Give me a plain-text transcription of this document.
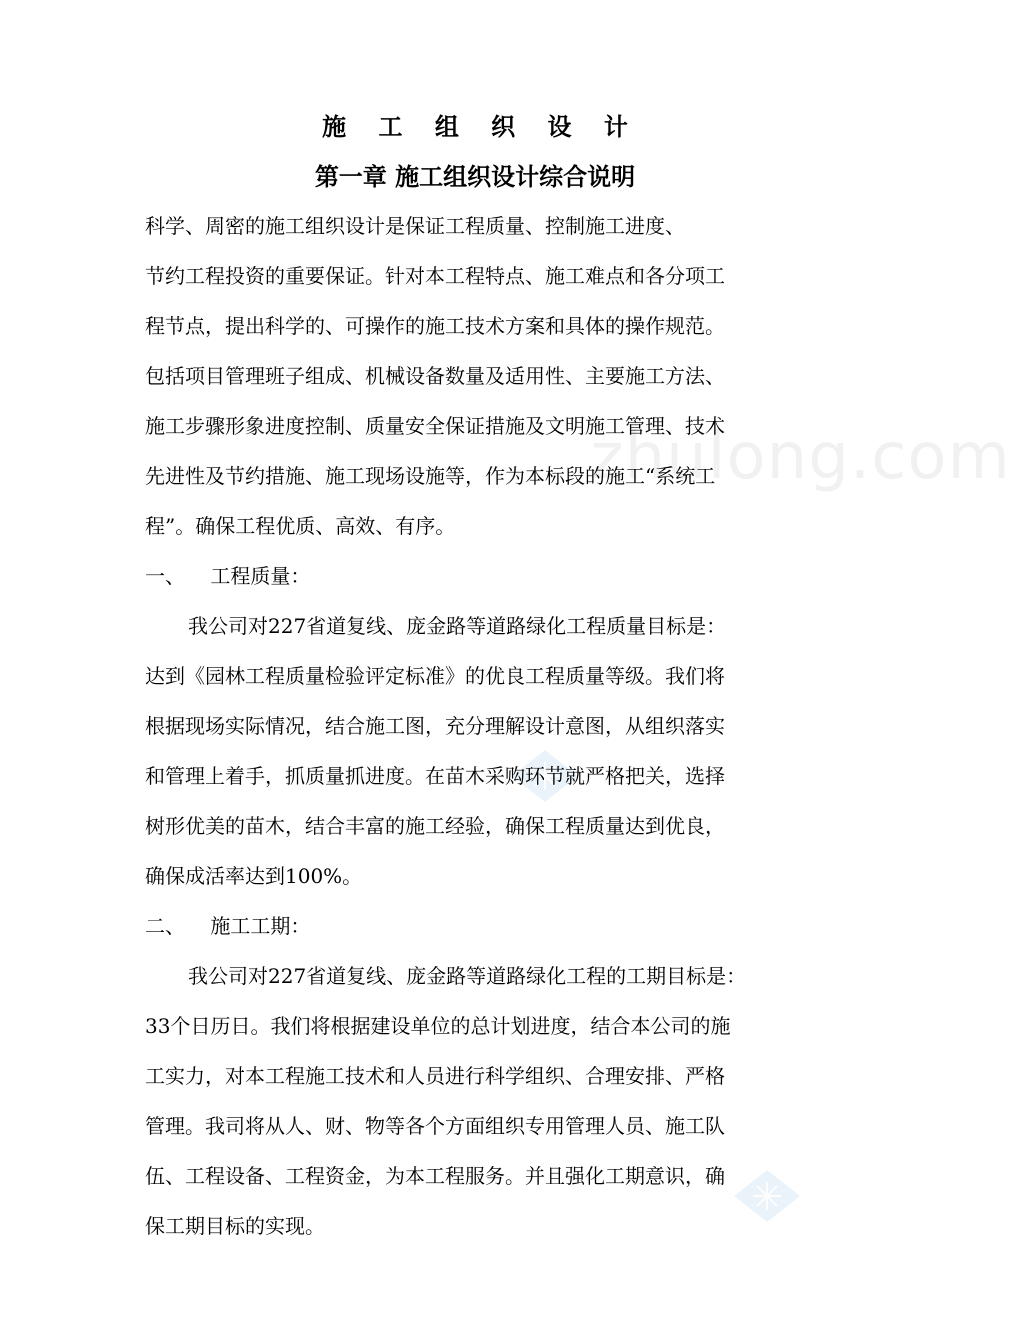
zhulong.com
施 工 组 织 设 计
第一章 施工组织设计综合说明
科学、周密的施工组织设计是保证工程质量、控制施工进度、
节约工程投资的重要保证。针对本工程特点、施工难点和各分项工
程节点，提出科学的、可操作的施工技术方案和具体的操作规范。
包括项目管理班子组成、机械设备数量及适用性、主要施工方法、
施工步骤形象进度控制、质量安全保证措施及文明施工管理、技术
先进性及节约措施、施工现场设施等，作为本标段的施工“系统工
程”。确保工程优质、高效、有序。
一、    工程质量：
我公司对227省道复线、庞金路等道路绿化工程质量目标是：
达到《园林工程质量检验评定标准》的优良工程质量等级。我们将
根据现场实际情况，结合施工图，充分理解设计意图，从组织落实
和管理上着手，抓质量抓进度。在苗木采购环节就严格把关，选择
树形优美的苗木，结合丰富的施工经验，确保工程质量达到优良，
确保成活率达到100%。
二、    施工工期：
我公司对227省道复线、庞金路等道路绿化工程的工期目标是：
33个日历日。我们将根据建设单位的总计划进度，结合本公司的施
工实力，对本工程施工技术和人员进行科学组织、合理安排、严格
管理。我司将从人、财、物等各个方面组织专用管理人员、施工队
伍、工程设备、工程资金，为本工程服务。并且强化工期意识，确
保工期目标的实现。
